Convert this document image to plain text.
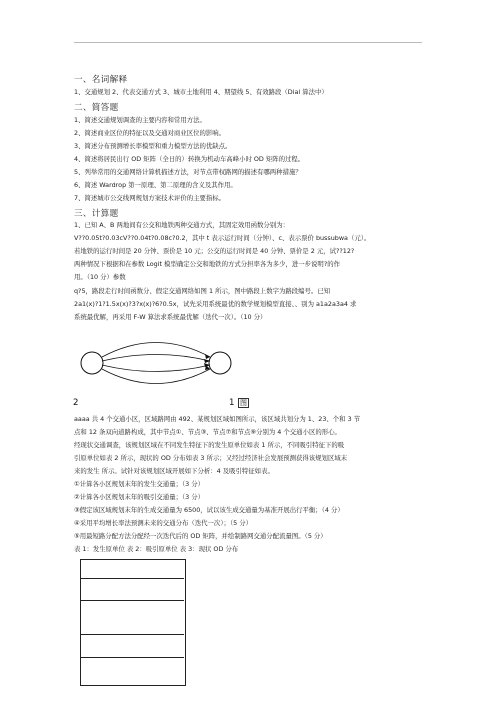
一、名词解释
1、交通规划 2、代表交通方式 3、城市土地利用 4、期望线 5、有效路段（Dial 算法中）
二、简答题
1、简述交通规划调查的主要内容和常用方法。
2、简述商业区位的特征以及交通对商业区位的影响。
3、简述分布预测增长率模型和重力模型方法的优缺点。
4、简述将居民出行 OD 矩阵（全日的）转换为机动车高峰小时 OD 矩阵的过程。
5、列举常用的交通网络计算机描述方法，对节点带权路网的描述有哪两种措施？
6、简述 Wardrop 第一原理、第二原理的含义及其作用。
7、简述城市公交线网规划方案技术评价的主要指标。
三、计算题
1、已知 A、B 两地间有公交和地铁两种交通方式，其固定效用函数分别为：
V??0.05t?0.03cV??0.04t?0.08c?0.2，其中 t 表示运行时间（分钟）、c、表示票价 bussubwa（元）。
若地铁的运行时间是 20 分钟、票价是 10 元；公交的运行时间是 40 分钟、票价是 2 元，试??12?
两种情况下根据和在参数 Logit 模型确定公交和地铁的方式分担率各为多少，进一步说明?的作
用。（10 分）参数
q?5，路段走行时间函数分、假定交通网络如图 1 所示，图中路段上数字为路段编号。已知
2a1(x)?1?1.5x(x)?3?x(x)?6?0.5x，试先采用系统最优的数学规划模型直接、、别为 a1a2a3a4 求
系统最优解，再采用 F-W 算法求系统最优解（迭代一次）。（10 分）
2	1 图
aaaa 共 4 个交通小区，区域路网由 492、某规划区域如图所示，该区域共划分为 1、23、个和 3 节
点和 12 条双向道路构成，其中节点①、节点③、节点⑦和节点⑨分别为 4 个交通小区的形心。
经现状交通调查，该规划区域在不同发生特征下的发生原单位如表 1 所示，不同吸引特征下的吸
引原单位如表 2 所示，现状的 OD 分布如表 3 所示；又经过经济社会发展预测获得该规划区域末
来的发生 所示。试针对该规划区域开展如下分析：4 及吸引特征如表。
①计算各小区规划末年的发生交通量；（3 分）
②计算各小区规划末年的吸引交通量；（3 分）
③假定该区域规划末年的生成交通量为 6500，试以该生成交通量为基准开展出行平衡；（4 分）
④采用平均增长率法预测未来的交通分布（迭代一次）；（5 分）
⑤用最短路分配方法分配经一次迭代后的 OD 矩阵，并绘制路网交通分配流量图。（5 分）
表 1：发生原单位 表 2：吸引原单位 表 3：现状 OD 分布
